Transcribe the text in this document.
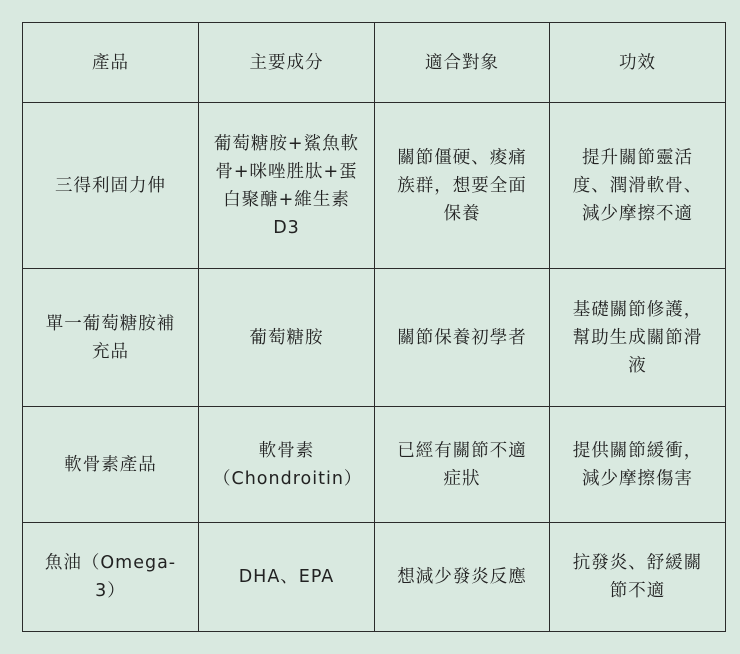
產品	主要成分	適合對象	功效

三得利固力伸	葡萄糖胺+鯊魚軟骨+咪唑胜肽+蛋白聚醣+維生素D3	關節僵硬、痠痛族群，想要全面保養	提升關節靈活度、潤滑軟骨、減少摩擦不適

單一葡萄糖胺補充品	葡萄糖胺	關節保養初學者	基礎關節修護，幫助生成關節滑液

軟骨素產品	軟骨素（Chondroitin）	已經有關節不適症狀	提供關節緩衝，減少摩擦傷害

魚油（Omega-3）	DHA、EPA	想減少發炎反應	抗發炎、舒緩關節不適
